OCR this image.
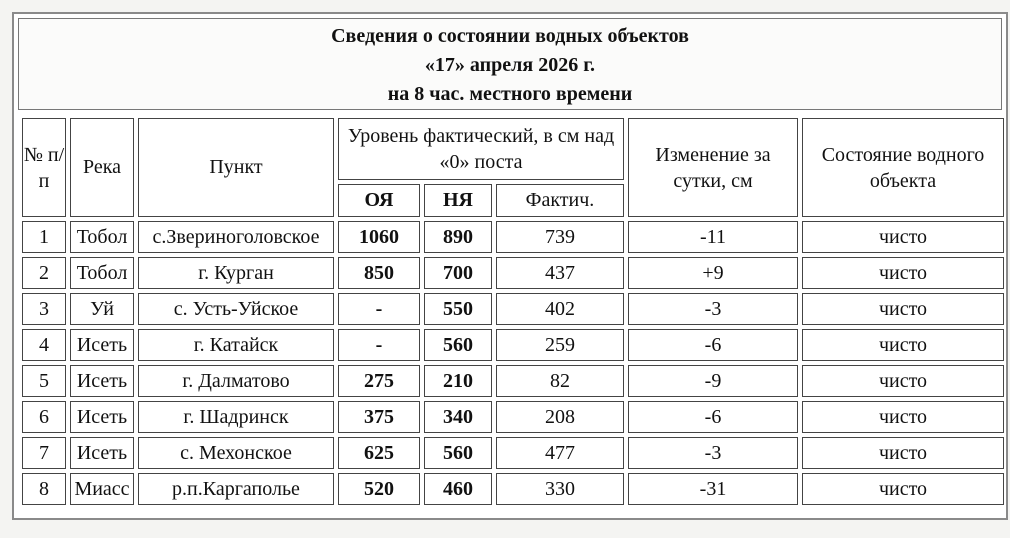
Сведения о состоянии водных объектов
«17» апреля 2026 г.
на 8 час. местного времени
№ п/п	Река	Пункт	Уровень фактический, в см над «0» поста			Изменение за сутки, см	Состояние водного объекта
			ОЯ	НЯ	Фактич.		
1	Тобол	с.Звериноголовское	1060	890	739	-11	чисто
2	Тобол	г. Курган	850	700	437	+9	чисто
3	Уй	с. Усть-Уйское	-	550	402	-3	чисто
4	Исеть	г. Катайск	-	560	259	-6	чисто
5	Исеть	г. Далматово	275	210	82	-9	чисто
6	Исеть	г. Шадринск	375	340	208	-6	чисто
7	Исеть	с. Мехонское	625	560	477	-3	чисто
8	Миасс	р.п.Каргаполье	520	460	330	-31	чисто
